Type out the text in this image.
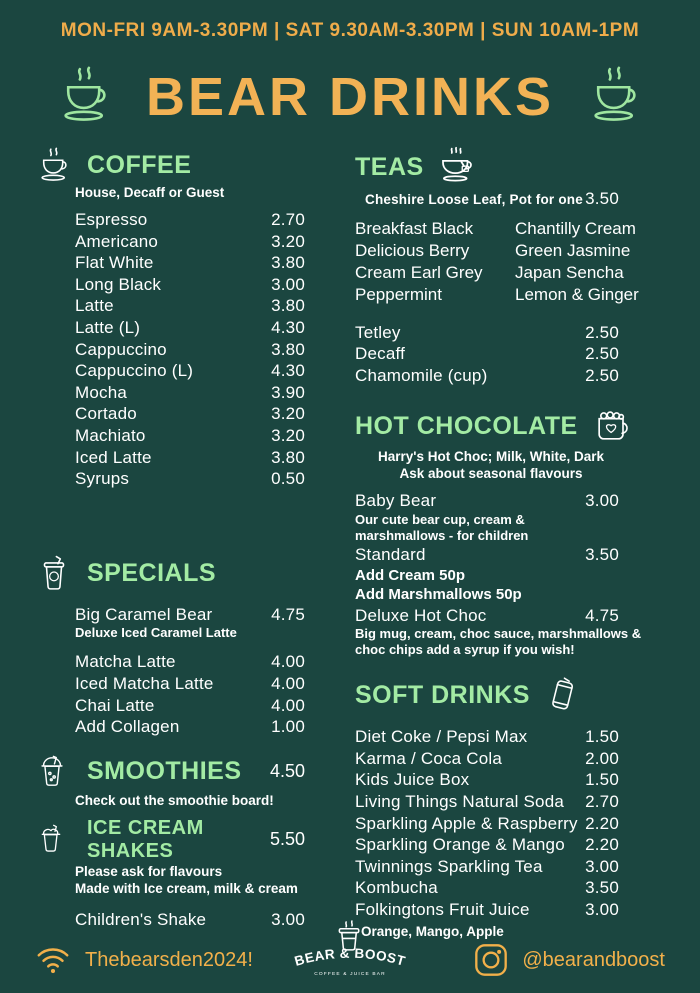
MON-FRI 9AM-3.30PM | SAT 9.30AM-3.30PM | SUN 10AM-1PM
BEAR DRINKS
COFFEE
House, Decaff or Guest
Espresso	2.70
Americano	3.20
Flat White	3.80
Long Black	3.00
Latte	3.80
Latte (L)	4.30
Cappuccino	3.80
Cappuccino (L)	4.30
Mocha	3.90
Cortado	3.20
Machiato	3.20
Iced Latte	3.80
Syrups	0.50
SPECIALS
Big Caramel Bear	4.75
Deluxe Iced Caramel Latte
Matcha Latte	4.00
Iced Matcha Latte	4.00
Chai Latte	4.00
Add Collagen	1.00
SMOOTHIES 4.50
Check out the smoothie board!
ICE CREAM SHAKES
5.50
Please ask for flavours
Made with Ice cream, milk & cream
Children's Shake	3.00
TEAS
Cheshire Loose Leaf, Pot for one 3.50
Breakfast Black	Chantilly Cream
Delicious Berry	Green Jasmine
Cream Earl Grey	Japan Sencha
Peppermint	Lemon & Ginger
Tetley	2.50
Decaff	2.50
Chamomile (cup)	2.50
HOT CHOCOLATE
Harry's Hot Choc; Milk, White, Dark
Ask about seasonal flavours
Baby Bear	3.00
Our cute bear cup, cream & marshmallows - for children
Standard	3.50
Add Cream 50p
Add Marshmallows 50p
Deluxe Hot Choc	4.75
Big mug, cream, choc sauce, marshmallows & choc chips add a syrup if you wish!
SOFT DRINKS
Diet Coke / Pepsi Max	1.50
Karma / Coca Cola	2.00
Kids Juice Box	1.50
Living Things Natural Soda 2.70
Sparkling Apple & Raspberry 2.20
Sparkling Orange & Mango 2.20
Twinnings Sparkling Tea 3.00
Kombucha	3.50
Folkingtons Fruit Juice	3.00
Orange, Mango, Apple
Thebearsden2024!	BEAR & BOOST
COFFEE & JUICE BAR
@bearandboost
